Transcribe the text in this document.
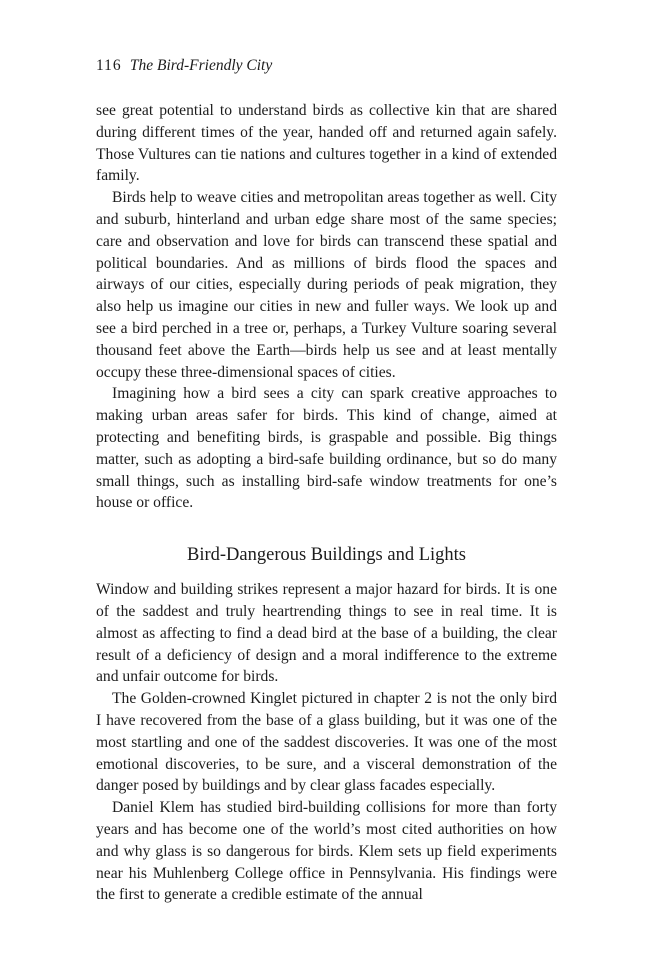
116 The Bird-Friendly City

see great potential to understand birds as collective kin that are shared during different times of the year, handed off and returned again safely. Those Vultures can tie nations and cultures together in a kind of extended family.

Birds help to weave cities and metropolitan areas together as well. City and suburb, hinterland and urban edge share most of the same species; care and observation and love for birds can transcend these spatial and political boundaries. And as millions of birds flood the spaces and airways of our cities, especially during periods of peak migration, they also help us imagine our cities in new and fuller ways. We look up and see a bird perched in a tree or, perhaps, a Turkey Vulture soaring several thousand feet above the Earth—birds help us see and at least mentally occupy these three-dimensional spaces of cities.

Imagining how a bird sees a city can spark creative approaches to making urban areas safer for birds. This kind of change, aimed at protecting and benefiting birds, is graspable and possible. Big things matter, such as adopting a bird-safe building ordinance, but so do many small things, such as installing bird-safe window treatments for one’s house or office.

Bird-Dangerous Buildings and Lights

Window and building strikes represent a major hazard for birds. It is one of the saddest and truly heartrending things to see in real time. It is almost as affecting to find a dead bird at the base of a building, the clear result of a deficiency of design and a moral indifference to the extreme and unfair outcome for birds.

The Golden-crowned Kinglet pictured in chapter 2 is not the only bird I have recovered from the base of a glass building, but it was one of the most startling and one of the saddest discoveries. It was one of the most emotional discoveries, to be sure, and a visceral demonstration of the danger posed by buildings and by clear glass facades especially.

Daniel Klem has studied bird-building collisions for more than forty years and has become one of the world’s most cited authorities on how and why glass is so dangerous for birds. Klem sets up field experiments near his Muhlenberg College office in Pennsylvania. His findings were the first to generate a credible estimate of the annual
